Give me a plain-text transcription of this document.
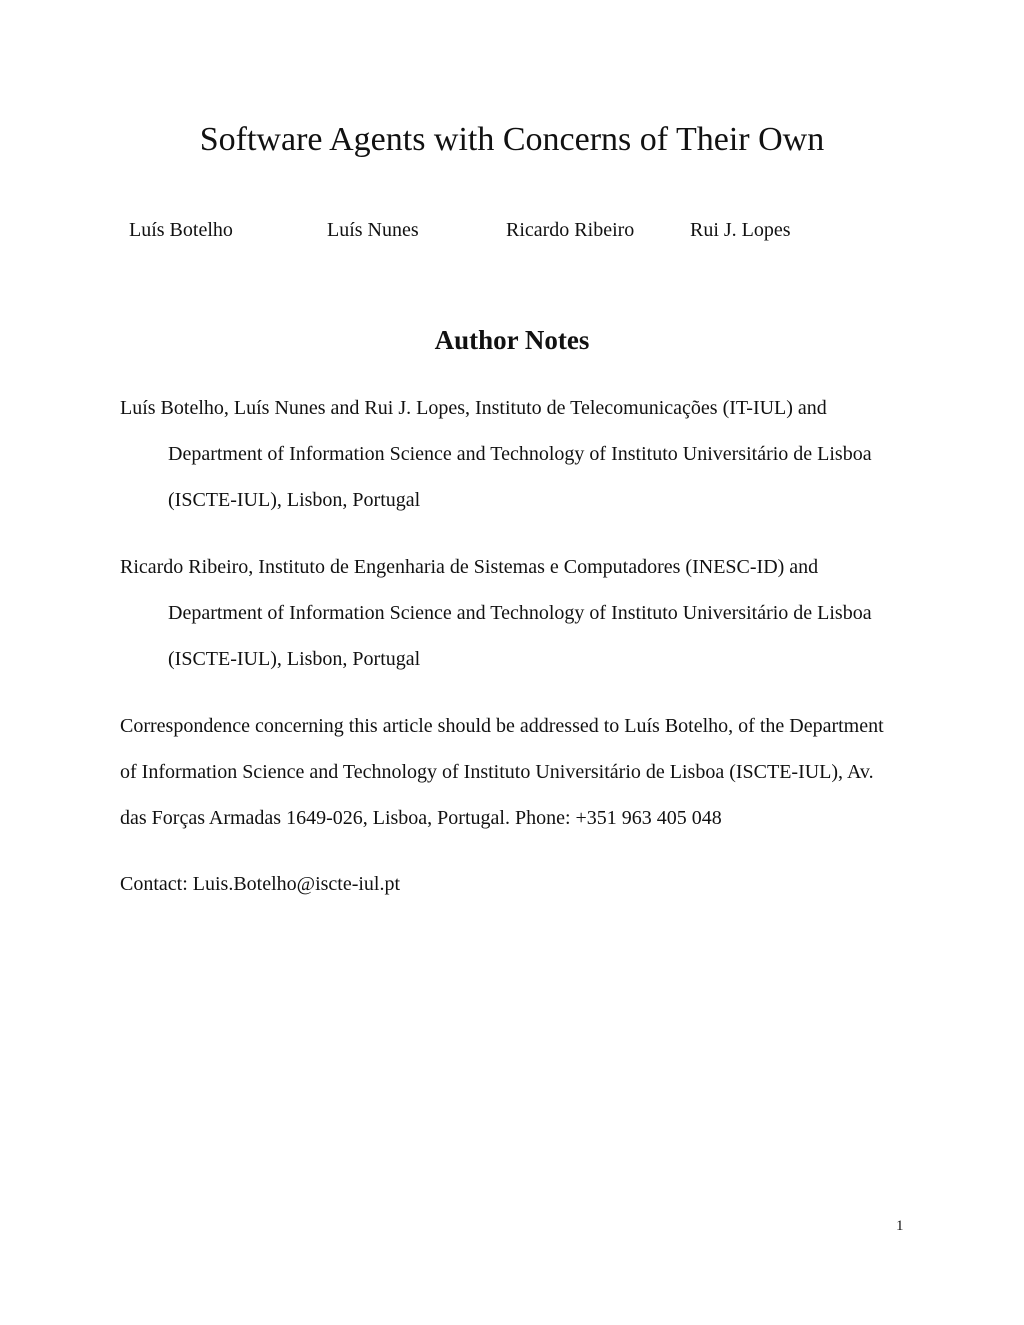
Software Agents with Concerns of Their Own
Luís Botelho	Luís Nunes	Ricardo Ribeiro	Rui J. Lopes
Author Notes
Luís Botelho, Luís Nunes and Rui J. Lopes, Instituto de Telecomunicações (IT-IUL) and
Department of Information Science and Technology of Instituto Universitário de Lisboa
(ISCTE-IUL), Lisbon, Portugal
Ricardo Ribeiro, Instituto de Engenharia de Sistemas e Computadores (INESC-ID) and
Department of Information Science and Technology of Instituto Universitário de Lisboa
(ISCTE-IUL), Lisbon, Portugal
Correspondence concerning this article should be addressed to Luís Botelho, of the Department
of Information Science and Technology of Instituto Universitário de Lisboa (ISCTE-IUL), Av.
das Forças Armadas 1649-026, Lisboa, Portugal. Phone: +351 963 405 048
Contact: Luis.Botelho@iscte-iul.pt
1
